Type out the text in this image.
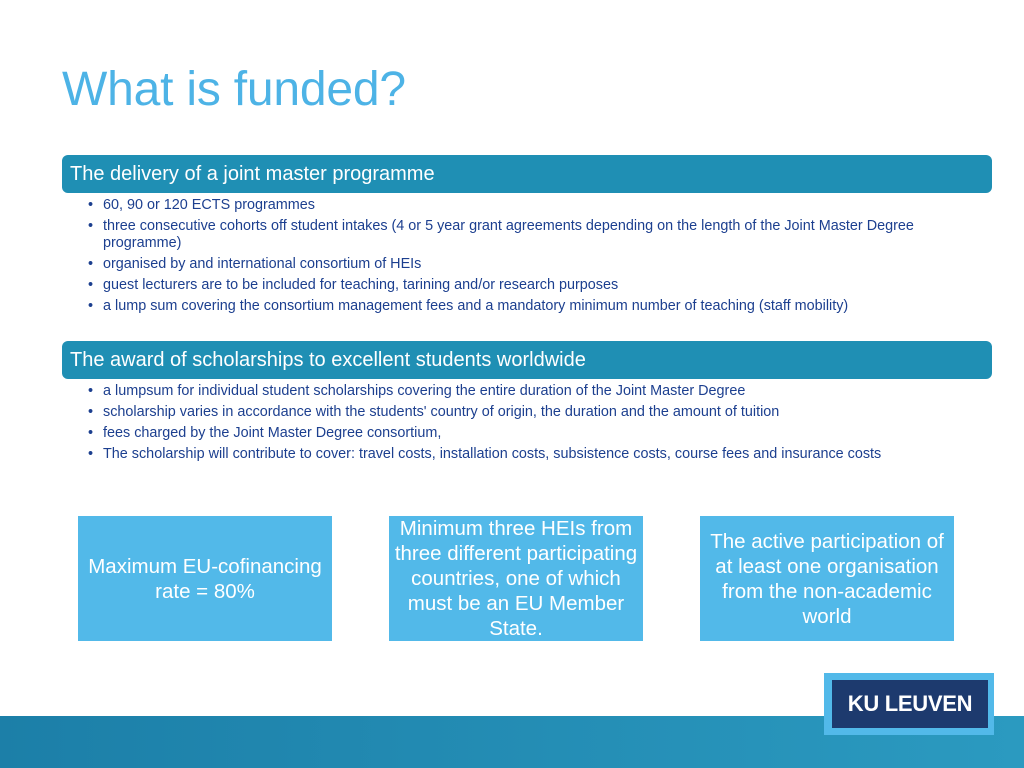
What is funded?
The delivery of a joint master programme
• 60, 90 or 120 ECTS programmes
• three consecutive cohorts off student intakes (4 or 5 year grant agreements depending on the length of the Joint Master Degree programme)
• organised by and international consortium of HEIs
• guest lecturers are to be included for teaching, tarining and/or research purposes
• a lump sum covering the consortium management fees and a mandatory minimum number of teaching (staff mobility)
The award of scholarships to excellent students worldwide
• a lumpsum for individual student scholarships covering the entire duration of the Joint Master Degree
• scholarship varies in accordance with the students' country of origin, the duration and the amount of tuition
• fees charged by the Joint Master Degree consortium,
• The scholarship will contribute to cover: travel costs, installation costs, subsistence costs, course fees and insurance costs
Maximum EU-cofinancing rate = 80%
Minimum three HEIs from three different participating countries, one of which must be an EU Member State.
The active participation of at least one organisation from the non-academic world
KU LEUVEN
